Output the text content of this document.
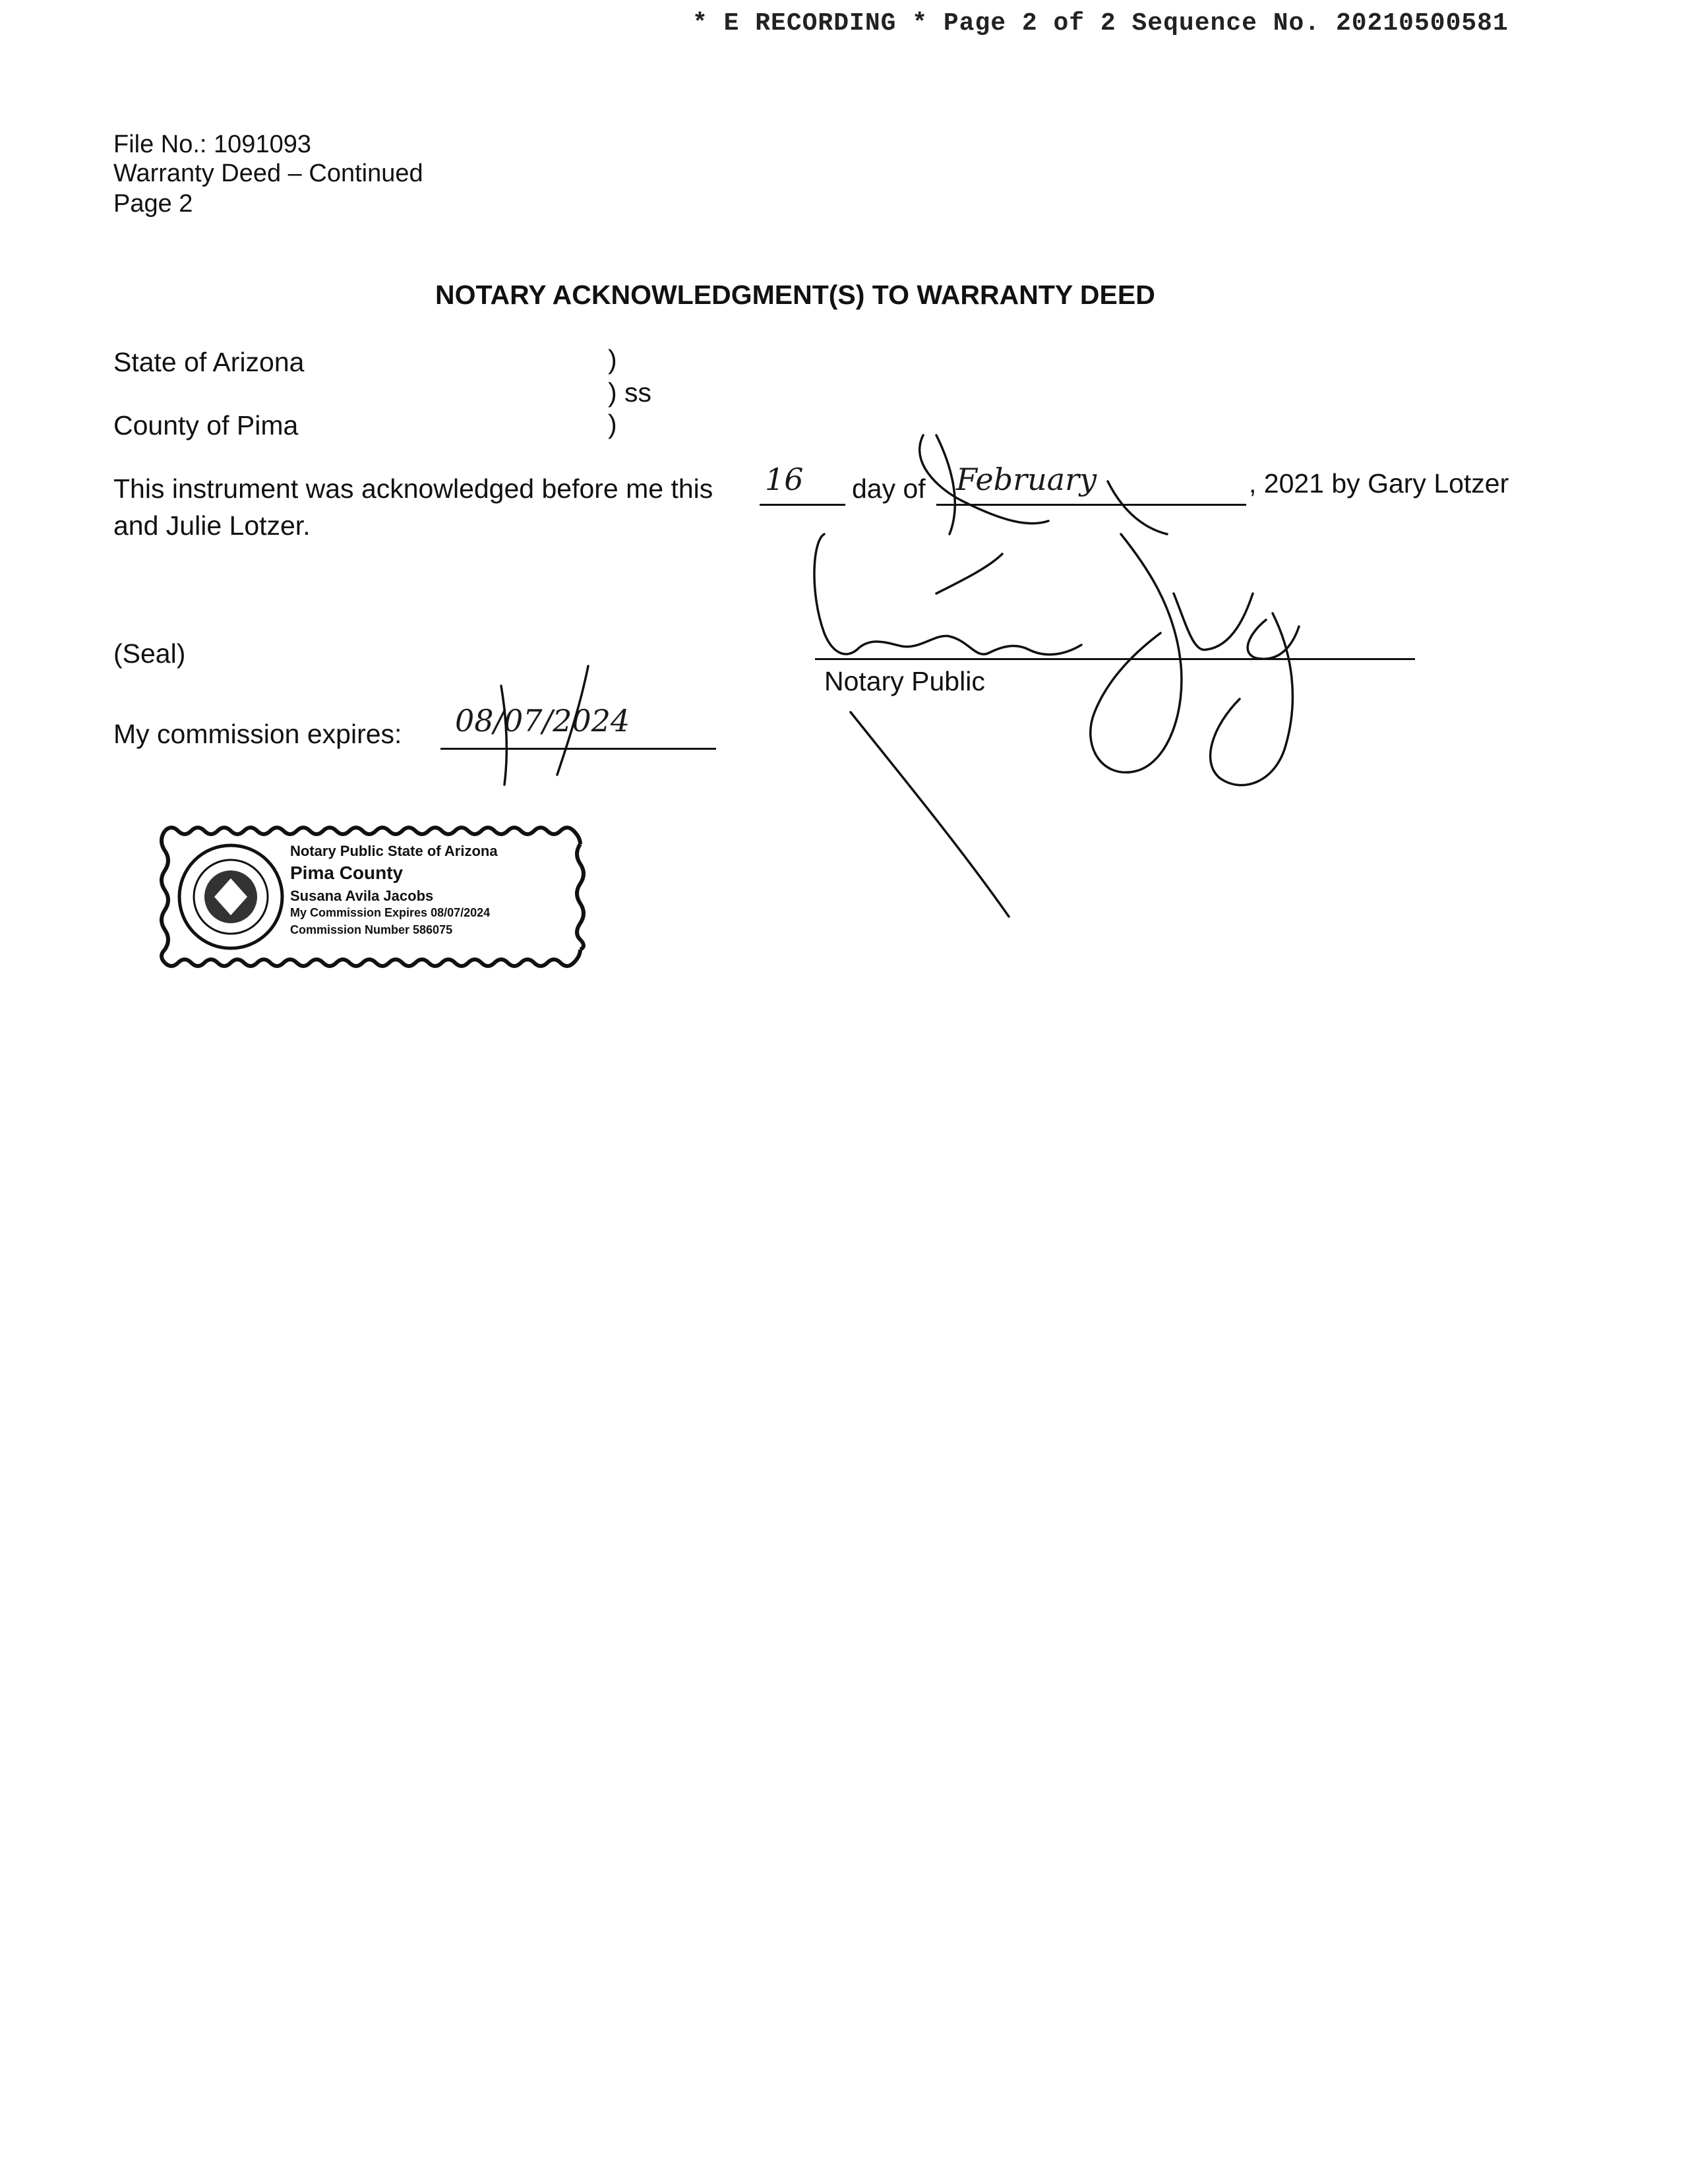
* E RECORDING * Page 2 of 2 Sequence No. 20210500581
File No.: 1091093
Warranty Deed – Continued
Page 2
NOTARY ACKNOWLEDGMENT(S) TO WARRANTY DEED
State of Arizona	)
) ss
)
County of Pima
This instrument was acknowledged before me this 16 day of February	, 2021 by Gary Lotzer
and Julie Lotzer.
(Seal)
Notary Public
My commission expires: 08/07/2024
Notary Public State of Arizona
Pima County
Susana Avila Jacobs
My Commission Expires 08/07/2024
Commission Number 586075
